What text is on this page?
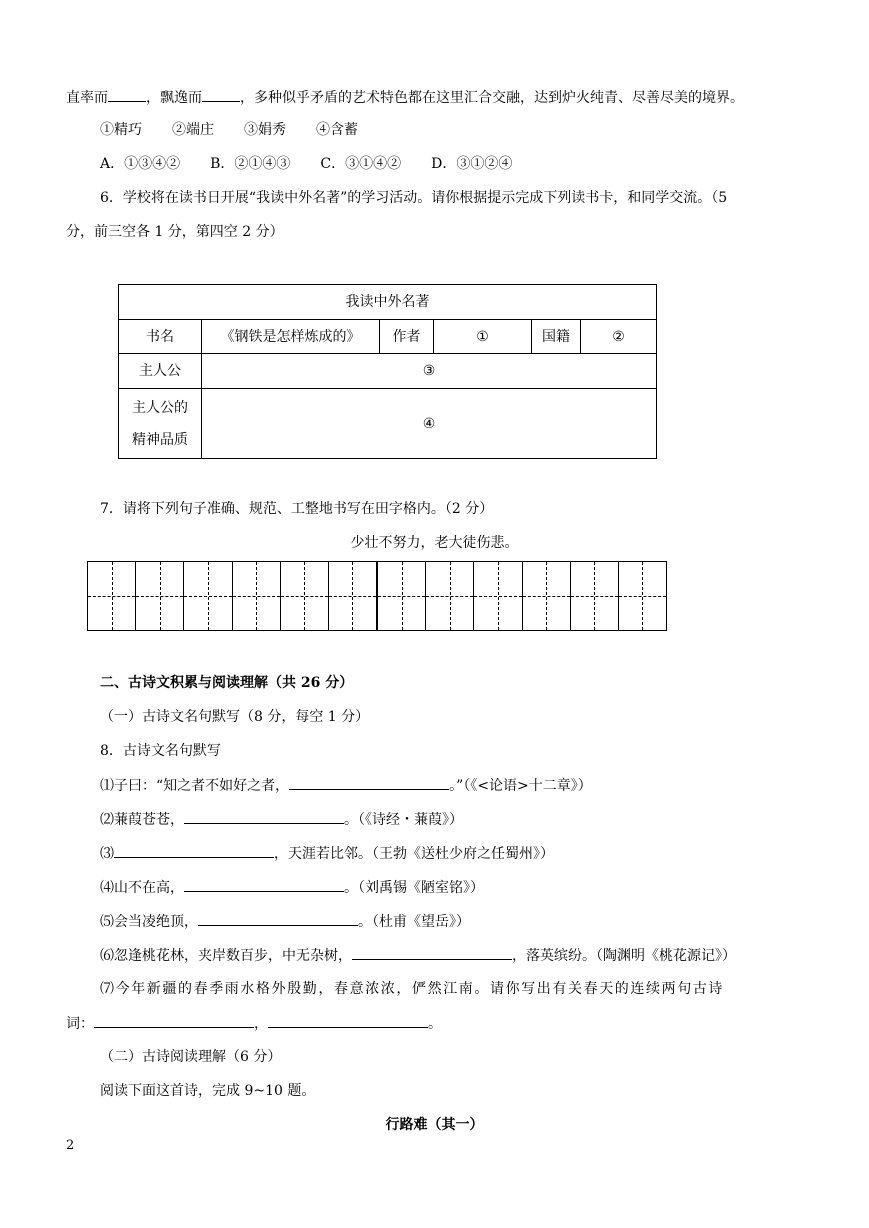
直率而	，飘逸而	，多种似乎矛盾的艺术特色都在这里汇合交融，达到炉火纯青、尽善尽美的境界。
①精巧 ②端庄 ③娟秀 ④含蓄
A．①③④② B．②①④③ C．③①④② D．③①②④
6．学校将在读书日开展“我读中外名著”的学习活动。请你根据提示完成下列读书卡，和同学交流。（5
分，前三空各 1 分，第四空 2 分）
我读中外名著					
书名	《钢铁是怎样炼成的》	作者	①	国籍	②
主人公	③				

主人公的
精神品质	④				
7．请将下列句子准确、规范、工整地书写在田字格内。（2 分）
少壮不努力，老大徒伤悲。
二、古诗文积累与阅读理解（共 26 分）
（一）古诗文名句默写（8 分，每空 1 分）
8．古诗文名句默写
⑴子曰：“知之者不如好之者，	。”（《<论语>十二章》）
⑵蒹葭苍苍，	。（《诗经・蒹葭》）
⑶	，天涯若比邻。（王勃《送杜少府之任蜀州》）
⑷山不在高，	。（刘禹锡《陋室铭》）
⑸会当凌绝顶，	。（杜甫《望岳》）
⑹忽逢桃花林，夹岸数百步，中无杂树，	，落英缤纷。（陶渊明《桃花源记》）
⑺今年新疆的春季雨水格外殷勤，春意浓浓，俨然江南。请你写出有关春天的连续两句古诗
词：	，	。
（二）古诗阅读理解（6 分）
阅读下面这首诗，完成 9~10 题。
行路难（其一）
2
